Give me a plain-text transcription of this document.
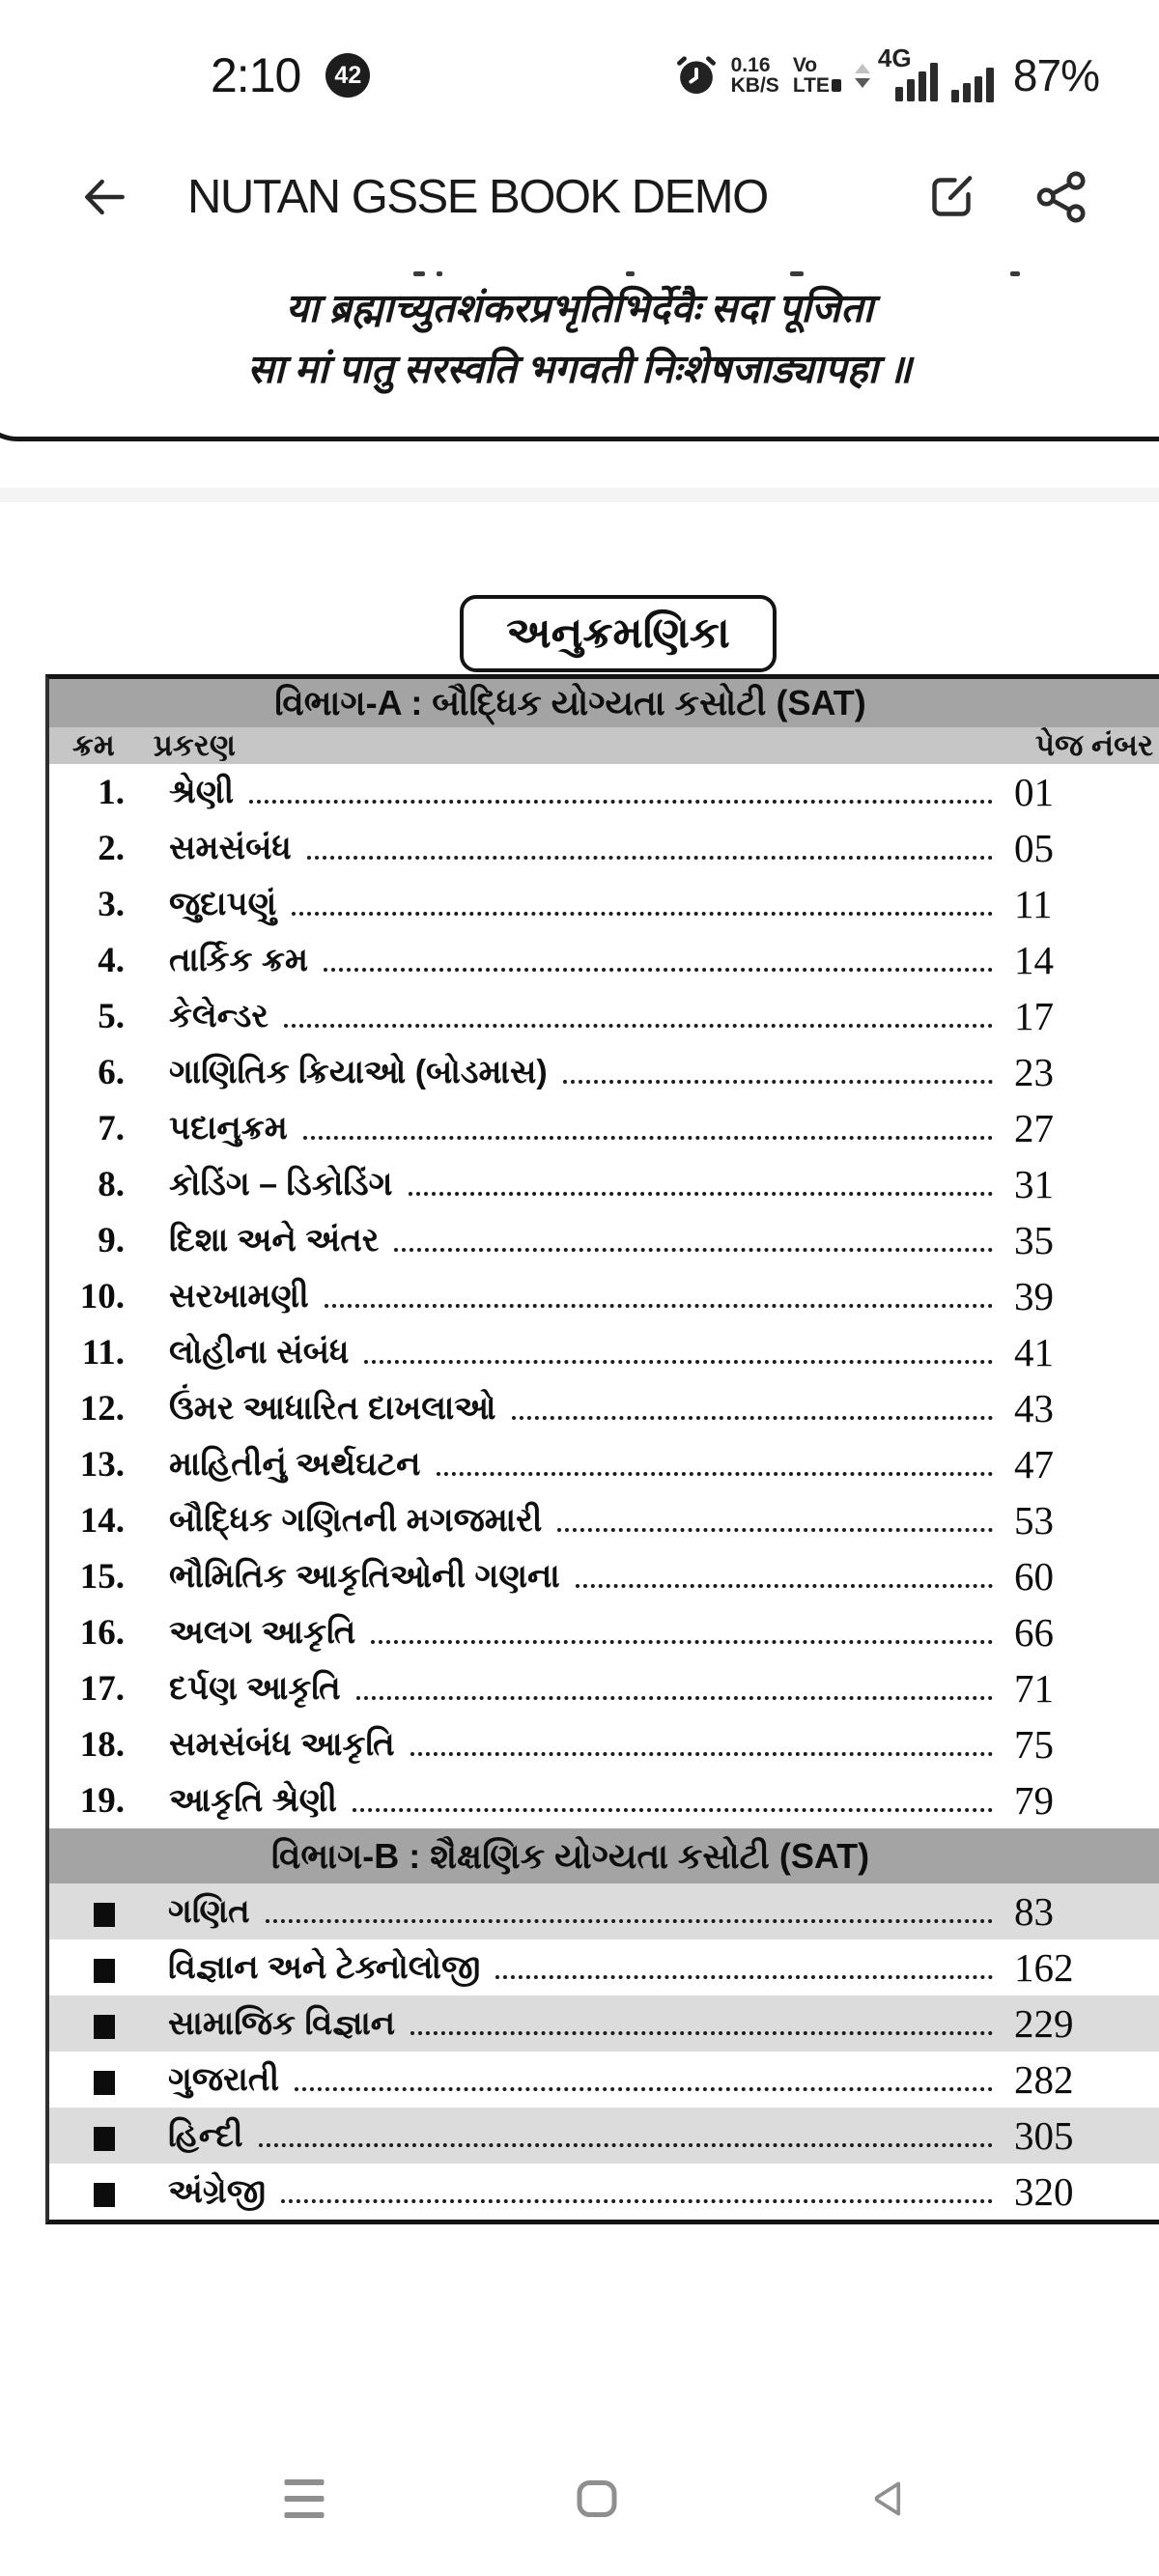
2:10	42	0.16
KB/S
Vo
LTE
4G 87%
NUTAN GSSE BOOK DEMO
या ब्रह्माच्युतशंकरप्रभृतिभिर्देवैः सदा पूजिता
सा मां पातु सरस्वति भगवती निःशेषजाड्यापहा ॥
અનુક્રમણિકા
વિભાગ-A : બૌદ્ધિક યોગ્યતા કસોટી (SAT)
ક્રમ પ્રકરણ	પેજ નંબર
1. શ્રેણી	01
2. સમસંબંધ	05
3. જુદાપણું	11
4. તાર્કિક ક્રમ	14
5. કેલેન્ડર	17
6. ગાણિતિક ક્રિયાઓ (બોડમાસ)	23
7. પદાનુક્રમ	27
8. કોડિંગ – ડિકોડિંગ	31
9. દિશા અને અંતર	35
10. સરખામણી	39
11. લોહીના સંબંધ	41
12. ઉંમર આધારિત દાખલાઓ	43
13. માહિતીનું અર્થઘટન	47
14. બૌદ્ધિક ગણિતની મગજમારી	53
15. ભૌમિતિક આકૃતિઓની ગણના	60
16. અલગ આકૃતિ	66
17. દર્પણ આકૃતિ	71
18. સમસંબંધ આકૃતિ	75
19. આકૃતિ શ્રેણી	79
વિભાગ-B : શૈક્ષણિક યોગ્યતા કસોટી (SAT)
ગણિત	83
વિજ્ઞાન અને ટેક્નોલોજી	162
સામાજિક વિજ્ઞાન	229
ગુજરાતી	282
હિન્દી	305
અંગ્રેજી	320
